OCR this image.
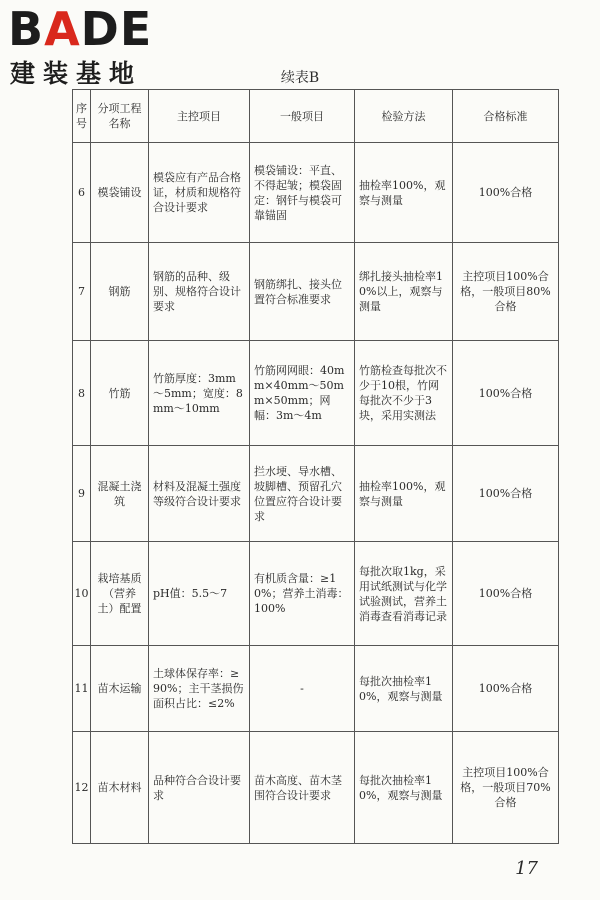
BADE
建装基地	续表B
序号	分项工程名称	主控项目	一般项目	检验方法	合格标准
6	模袋铺设	模袋应有产品合格证，材质和规格符合设计要求	模袋铺设：平直、不得起皱；模袋固定：钢钎与模袋可靠锚固	抽检率100%，观察与测量	100%合格
7	钢筋	钢筋的品种、级别、规格符合设计要求	钢筋绑扎、接头位置符合标准要求	绑扎接头抽检率10%以上，观察与测量	主控项目100%合格，一般项目80%合格
8	竹筋	竹筋厚度：3mm～5mm；宽度：8mm～10mm	竹筋网网眼：40mm×40mm～50mm×50mm；网幅：3m～4m	竹筋检查每批次不少于10根，竹网每批次不少于3块，采用实测法	100%合格
9	混凝土浇筑	材料及混凝土强度等级符合设计要求	拦水埂、导水槽、坡脚槽、预留孔穴位置应符合设计要求	抽检率100%，观察与测量	100%合格
10	栽培基质（营养土）配置	pH值：5.5～7	有机质含量：≥10%；营养土消毒：100%	每批次取1kg，采用试纸测试与化学试验测试，营养土消毒查看消毒记录	100%合格
11	苗木运输	土球体保存率：≥90%；主干茎损伤面积占比：≤2%	-	每批次抽检率10%，观察与测量	100%合格
12	苗木材料	品种符合合设计要求	苗木高度、苗木茎围符合设计要求	每批次抽检率10%，观察与测量	主控项目100%合格，一般项目70%合格
17
